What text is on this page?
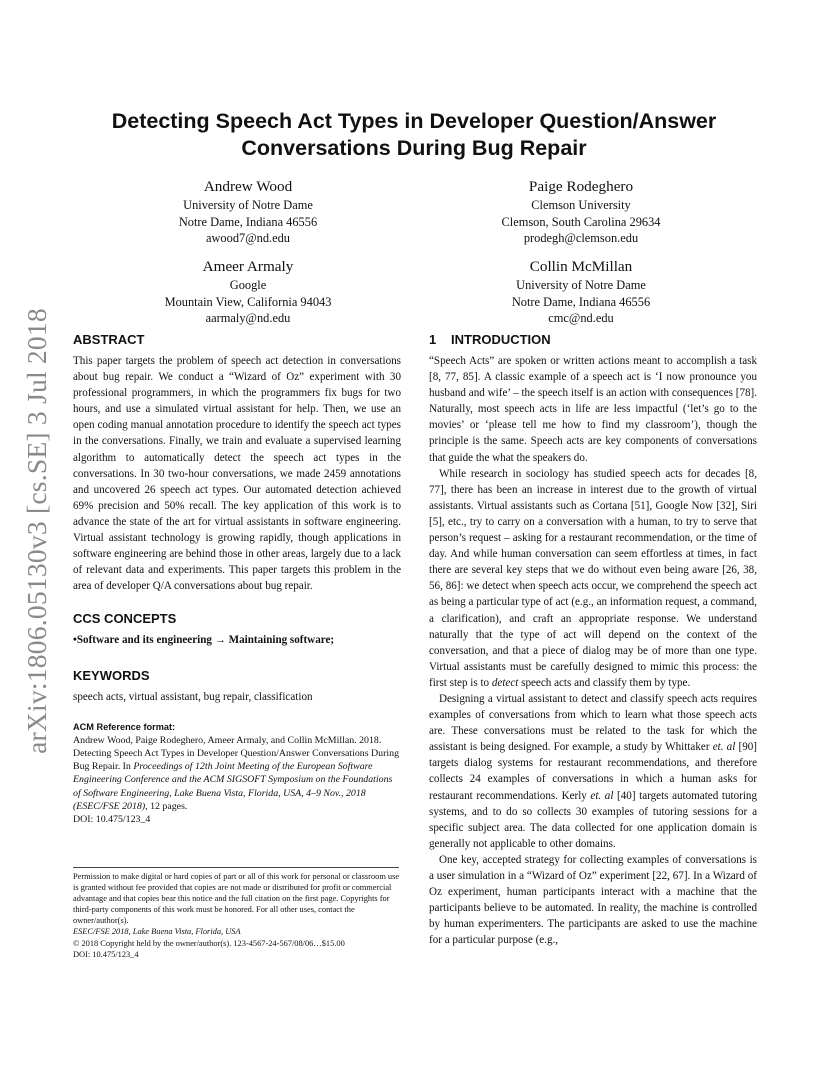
arXiv:1806.05130v3 [cs.SE] 3 Jul 2018
Detecting Speech Act Types in Developer Question/Answer Conversations During Bug Repair
Andrew Wood
University of Notre Dame
Notre Dame, Indiana 46556
awood7@nd.edu
Paige Rodeghero
Clemson University
Clemson, South Carolina 29634
prodegh@clemson.edu
Ameer Armaly
Google
Mountain View, California 94043
aarmaly@nd.edu
Collin McMillan
University of Notre Dame
Notre Dame, Indiana 46556
cmc@nd.edu
ABSTRACT

This paper targets the problem of speech act detection in conversations about bug repair. We conduct a “Wizard of Oz” experiment with 30 professional programmers, in which the programmers fix bugs for two hours, and use a simulated virtual assistant for help. Then, we use an open coding manual annotation procedure to identify the speech act types in the conversations. Finally, we train and evaluate a supervised learning algorithm to automatically detect the speech act types in the conversations. In 30 two-hour conversations, we made 2459 annotations and uncovered 26 speech act types. Our automated detection achieved 69% precision and 50% recall. The key application of this work is to advance the state of the art for virtual assistants in software engineering. Virtual assistant technology is growing rapidly, though applications in software engineering are behind those in other areas, largely due to a lack of relevant data and experiments. This paper targets this problem in the area of developer Q/A conversations about bug repair.

CCS CONCEPTS

•Software and its engineering → Maintaining software;

KEYWORDS

speech acts, virtual assistant, bug repair, classification

ACM Reference format:

Andrew Wood, Paige Rodeghero, Ameer Armaly, and Collin McMillan. 2018. Detecting Speech Act Types in Developer Question/Answer Conversations During Bug Repair. In Proceedings of 12th Joint Meeting of the European Software Engineering Conference and the ACM SIGSOFT Symposium on the Foundations of Software Engineering, Lake Buena Vista, Florida, USA, 4–9 Nov., 2018 (ESEC/FSE 2018), 12 pages.

DOI: 10.475/123_4

Permission to make digital or hard copies of part or all of this work for personal or classroom use is granted without fee provided that copies are not made or distributed for profit or commercial advantage and that copies bear this notice and the full citation on the first page. Copyrights for third-party components of this work must be honored. For all other uses, contact the owner/author(s).

ESEC/FSE 2018, Lake Buena Vista, Florida, USA

© 2018 Copyright held by the owner/author(s). 123-4567-24-567/08/06…$15.00

DOI: 10.475/123_4

1 INTRODUCTION

“Speech Acts” are spoken or written actions meant to accomplish a task [8, 77, 85]. A classic example of a speech act is ‘I now pronounce you husband and wife’ – the speech itself is an action with consequences [78]. Naturally, most speech acts in life are less impactful (‘let’s go to the movies’ or ‘please tell me how to find my classroom’), though the principle is the same. Speech acts are key components of conversations that guide the what the speakers do.

While research in sociology has studied speech acts for decades [8, 77], there has been an increase in interest due to the growth of virtual assistants. Virtual assistants such as Cortana [51], Google Now [32], Siri [5], etc., try to carry on a conversation with a human, to try to serve that person’s request – asking for a restaurant recommendation, or the time of day. And while human conversation can seem effortless at times, in fact there are several key steps that we do without even being aware [26, 38, 56, 86]: we detect when speech acts occur, we comprehend the speech act as being a particular type of act (e.g., an information request, a command, a clarification), and craft an appropriate response. We understand naturally that the type of act will depend on the context of the conversation, and that a piece of dialog may be of more than one type. Virtual assistants must be carefully designed to mimic this process: the first step is to detect speech acts and classify them by type.

Designing a virtual assistant to detect and classify speech acts requires examples of conversations from which to learn what those speech acts are. These conversations must be related to the task for which the assistant is being designed. For example, a study by Whittaker et. al [90] targets dialog systems for restaurant recommendations, and therefore collects 24 examples of conversations in which a human asks for restaurant recommendations. Kerly et. al [40] targets automated tutoring systems, and to do so collects 30 examples of tutoring sessions for a specific subject area. The data collected for one application domain is generally not applicable to other domains.

One key, accepted strategy for collecting examples of conversations is a user simulation in a “Wizard of Oz” experiment [22, 67]. In a Wizard of Oz experiment, human participants interact with a machine that the participants believe to be automated. In reality, the machine is controlled by human experimenters. The participants are asked to use the machine for a particular purpose (e.g.,
